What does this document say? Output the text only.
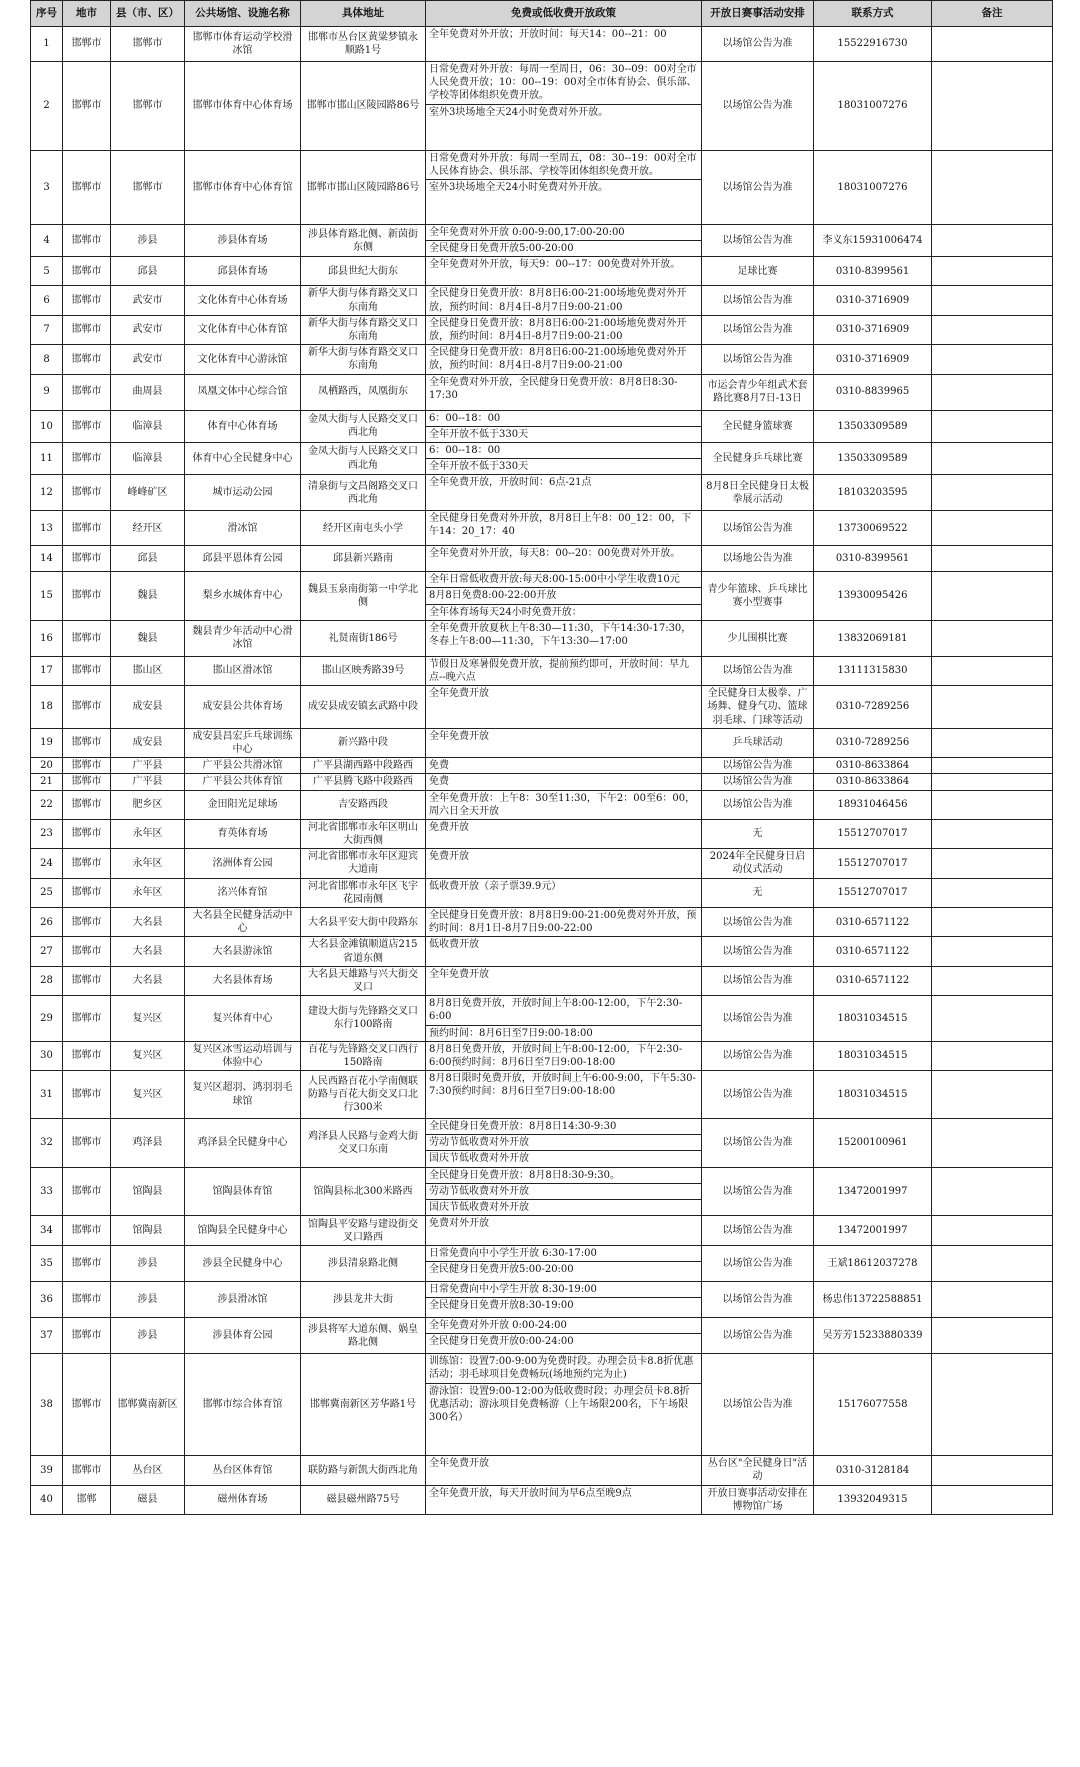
序号	地市	县（市、区）	公共场馆、设施名称	具体地址	免费或低收费开放政策	开放日赛事活动安排	联系方式	备注
1	邯郸市	邯郸市	邯郸市体育运动学校滑冰馆	邯郸市丛台区黄粱梦镇永顺路1号	全年免费对外开放；开放时间：每天14：00--21：00	以场馆公告为准	15522916730	
2	邯郸市	邯郸市	邯郸市体育中心体育场	邯郸市邯山区陵园路86号	日常免费对外开放：每周一至周日，06：30--09：00对全市人民免费开放；10：00--19：00对全市体育协会、俱乐部、学校等团体组织免费开放。
室外3块场地全天24小时免费对外开放。	以场馆公告为准	18031007276	
3	邯郸市	邯郸市	邯郸市体育中心体育馆	邯郸市邯山区陵园路86号	日常免费对外开放：每周一至周五，08：30--19：00对全市人民体育协会、俱乐部、学校等团体组织免费开放。
室外3块场地全天24小时免费对外开放。	以场馆公告为准	18031007276	
4	邯郸市	涉县	涉县体育场	涉县体育路北侧、新茵街东侧	全年免费对外开放 0:00-9:00,17:00-20:00
全民健身日免费开放5:00-20:00	以场馆公告为准	李义东15931006474	
5	邯郸市	邱县	邱县体育场	邱县世纪大街东	全年免费对外开放，每天9：00--17：00免费对外开放。	足球比赛	0310-8399561	
6	邯郸市	武安市	文化体育中心体育场	新华大街与体育路交叉口东南角	全民健身日免费开放：8月8日6:00-21:00场地免费对外开放，预约时间：8月4日-8月7日9:00-21:00	以场馆公告为准	0310-3716909	
7	邯郸市	武安市	文化体育中心体育馆	新华大街与体育路交叉口东南角	全民健身日免费开放：8月8日6:00-21:00场地免费对外开放，预约时间：8月4日-8月7日9:00-21:00	以场馆公告为准	0310-3716909	
8	邯郸市	武安市	文化体育中心游泳馆	新华大街与体育路交叉口东南角	全民健身日免费开放：8月8日6:00-21:00场地免费对外开放，预约时间：8月4日-8月7日9:00-21:00	以场馆公告为准	0310-3716909	
9	邯郸市	曲周县	凤凰文体中心综合馆	凤栖路西，凤凰街东	全年免费对外开放，全民健身日免费开放：8月8日8:30-17:30	市运会青少年组武术套路比赛8月7日-13日	0310-8839965	
10	邯郸市	临漳县	体育中心体育场	金凤大街与人民路交叉口西北角	6：00--18：00
全年开放不低于330天	全民健身篮球赛	13503309589	
11	邯郸市	临漳县	体育中心全民健身中心	金凤大街与人民路交叉口西北角	6：00--18：00
全年开放不低于330天	全民健身乒乓球比赛	13503309589	
12	邯郸市	峰峰矿区	城市运动公园	清泉街与文昌阁路交叉口西北角	全年免费开放，开放时间：6点-21点	8月8日全民健身日太极拳展示活动	18103203595	
13	邯郸市	经开区	滑冰馆	经开区南屯头小学	全民健身日免费对外开放，8月8日上午8：00_12：00，下午14：20_17：40	以场馆公告为准	13730069522	
14	邯郸市	邱县	邱县平恩体育公园	邱县新兴路南	全年免费对外开放，每天8：00--20：00免费对外开放。	以场地公告为准	0310-8399561	
15	邯郸市	魏县	梨乡水城体育中心	魏县玉泉南街第一中学北侧	全年日常低收费开放:每天8:00-15:00中小学生收费10元
8月8日免费8:00-22:00开放
全年体育场每天24小时免费开放：	青少年篮球、乒乓球比赛小型赛事	13930095426	
16	邯郸市	魏县	魏县青少年活动中心滑冰馆	礼贤南街186号	全年免费开放夏秋上午8:30—11:30，下午14:30-17:30，冬春上午8:00—11:30，下午13:30—17:00	少儿围棋比赛	13832069181	
17	邯郸市	邯山区	邯山区滑冰馆	邯山区映秀路39号	节假日及寒暑假免费开放，提前预约即可，开放时间：早九点--晚六点	以场馆公告为准	13111315830	
18	邯郸市	成安县	成安县公共体育场	成安县成安镇玄武路中段	全年免费开放	全民健身日太极拳、广场舞、健身气功、篮球羽毛球、门球等活动	0310-7289256	
19	邯郸市	成安县	成安县昌宏乒乓球训练中心	新兴路中段	全年免费开放	乒乓球活动	0310-7289256	
20	邯郸市	广平县	广平县公共滑冰馆	广平县湖西路中段路西	免费	以场馆公告为准	0310-8633864	
21	邯郸市	广平县	广平县公共体育馆	广平县腾飞路中段路西	免费	以场馆公告为准	0310-8633864	
22	邯郸市	肥乡区	金田阳光足球场	吉安路西段	全年免费开放：上午8：30至11:30，下午2：00至6：00，周六日全天开放	以场馆公告为准	18931046456	
23	邯郸市	永年区	育英体育场	河北省邯郸市永年区明山大街西侧	免费开放	无	15512707017	
24	邯郸市	永年区	洺洲体育公园	河北省邯郸市永年区迎宾大道南	免费开放	2024年全民健身日启动仪式活动	15512707017	
25	邯郸市	永年区	洺兴体育馆	河北省邯郸市永年区飞宇花园南侧	低收费开放（亲子票39.9元）	无	15512707017	
26	邯郸市	大名县	大名县全民健身活动中心	大名县平安大街中段路东	全民健身日免费开放：8月8日9:00-21:00免费对外开放，预约时间：8月1日-8月7日9:00-22:00	以场馆公告为准	0310-6571122	
27	邯郸市	大名县	大名县游泳馆	大名县金滩镇顺道店215省道东侧	低收费开放	以场馆公告为准	0310-6571122	
28	邯郸市	大名县	大名县体育场	大名县天雄路与兴大街交叉口	全年免费开放	以场馆公告为准	0310-6571122	
29	邯郸市	复兴区	复兴体育中心	建设大街与先锋路交叉口东行100路南	8月8日免费开放，开放时间上午8:00-12:00，下午2:30-6:00
预约时间：8月6日至7日9:00-18:00	以场馆公告为准	18031034515	
30	邯郸市	复兴区	复兴区冰雪运动培训与体验中心	百花与先锋路交叉口西行150路南	8月8日免费开放，开放时间上午8:00-12:00，下午2:30-6:00预约时间：8月6日至7日9:00-18:00	以场馆公告为准	18031034515	
31	邯郸市	复兴区	复兴区超羽、鸿羽羽毛球馆	人民西路百花小学南侧联防路与百花大街交叉口北行300米	8月8日限时免费开放，开放时间上午6:00-9:00，下午5:30-7:30预约时间：8月6日至7日9:00-18:00	以场馆公告为准	18031034515	
32	邯郸市	鸡泽县	鸡泽县全民健身中心	鸡泽县人民路与金鸡大街交叉口东南	全民健身日免费开放：8月8日14:30-9:30
劳动节低收费对外开放
国庆节低收费对外开放	以场馆公告为准	15200100961	
33	邯郸市	馆陶县	馆陶县体育馆	馆陶县标北300米路西	全民健身日免费开放：8月8日8:30-9:30。
劳动节低收费对外开放
国庆节低收费对外开放	以场馆公告为准	13472001997	
34	邯郸市	馆陶县	馆陶县全民健身中心	馆陶县平安路与建设街交叉口路西	免费对外开放	以场馆公告为准	13472001997	
35	邯郸市	涉县	涉县全民健身中心	涉县清泉路北侧	日常免费向中小学生开放 6:30-17:00
全民健身日免费开放5:00-20:00	以场馆公告为准	王斌18612037278	
36	邯郸市	涉县	涉县滑冰馆	涉县龙井大街	日常免费向中小学生开放 8:30-19:00
全民健身日免费开放8:30-19:00	以场馆公告为准	杨忠伟13722588851	
37	邯郸市	涉县	涉县体育公园	涉县将军大道东侧、娲皇路北侧	全年免费对外开放 0:00-24:00
全民健身日免费开放0:00-24:00	以场馆公告为准	吴芳芳15233880339	
38	邯郸市	邯郸冀南新区	邯郸市综合体育馆	邯郸冀南新区芳华路1号	训练馆：设置7:00-9:00为免费时段。办理会员卡8.8折优惠活动；羽毛球项目免费畅玩(场地预约完为止)
游泳馆：设置9:00-12:00为低收费时段；办理会员卡8.8折优惠活动；游泳项目免费畅游（上午场限200名，下午场限300名）	以场馆公告为准	15176077558	
39	邯郸市	丛台区	丛台区体育馆	联防路与新凯大街西北角	全年免费开放	丛台区"全民健身日"活动	0310-3128184	
40	邯郸	磁县	磁州体育场	磁县磁州路75号	全年免费开放，每天开放时间为早6点至晚9点	开放日赛事活动安排在博物馆广场	13932049315	
